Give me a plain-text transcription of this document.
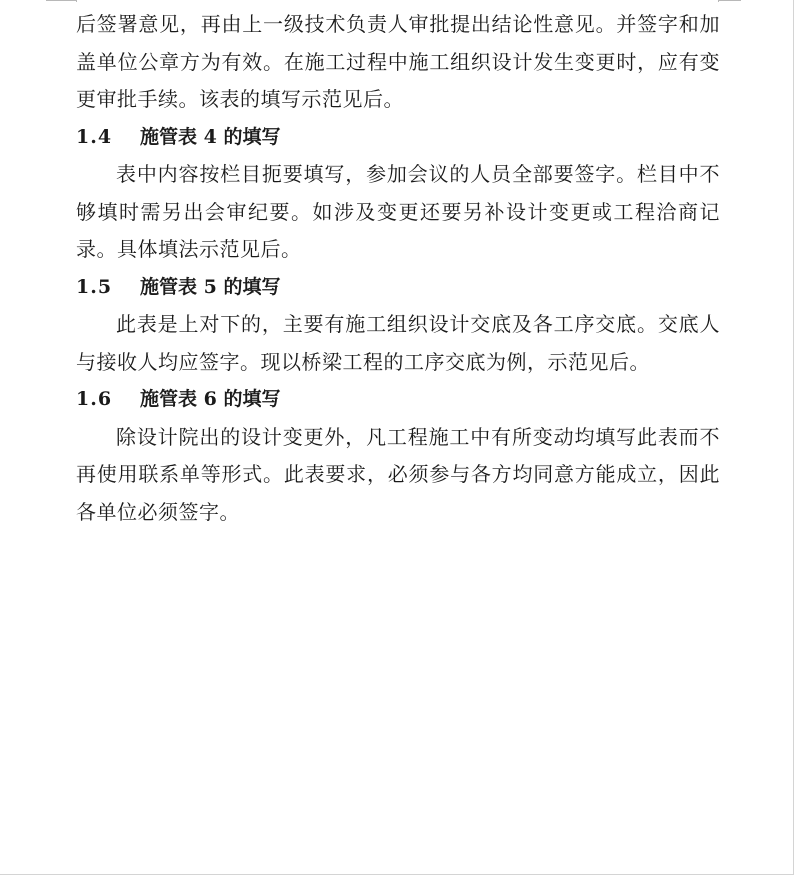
后签署意见，再由上一级技术负责人审批提出结论性意见。并签字和加盖单位公章方为有效。在施工过程中施工组织设计发生变更时，应有变更审批手续。该表的填写示范见后。

1.4 施管表 4 的填写

表中内容按栏目扼要填写，参加会议的人员全部要签字。栏目中不够填时需另出会审纪要。如涉及变更还要另补设计变更或工程洽商记录。具体填法示范见后。

1.5 施管表 5 的填写

此表是上对下的，主要有施工组织设计交底及各工序交底。交底人与接收人均应签字。现以桥梁工程的工序交底为例，示范见后。

1.6 施管表 6 的填写

除设计院出的设计变更外，凡工程施工中有所变动均填写此表而不再使用联系单等形式。此表要求，必须参与各方均同意方能成立，因此各单位必须签字。
